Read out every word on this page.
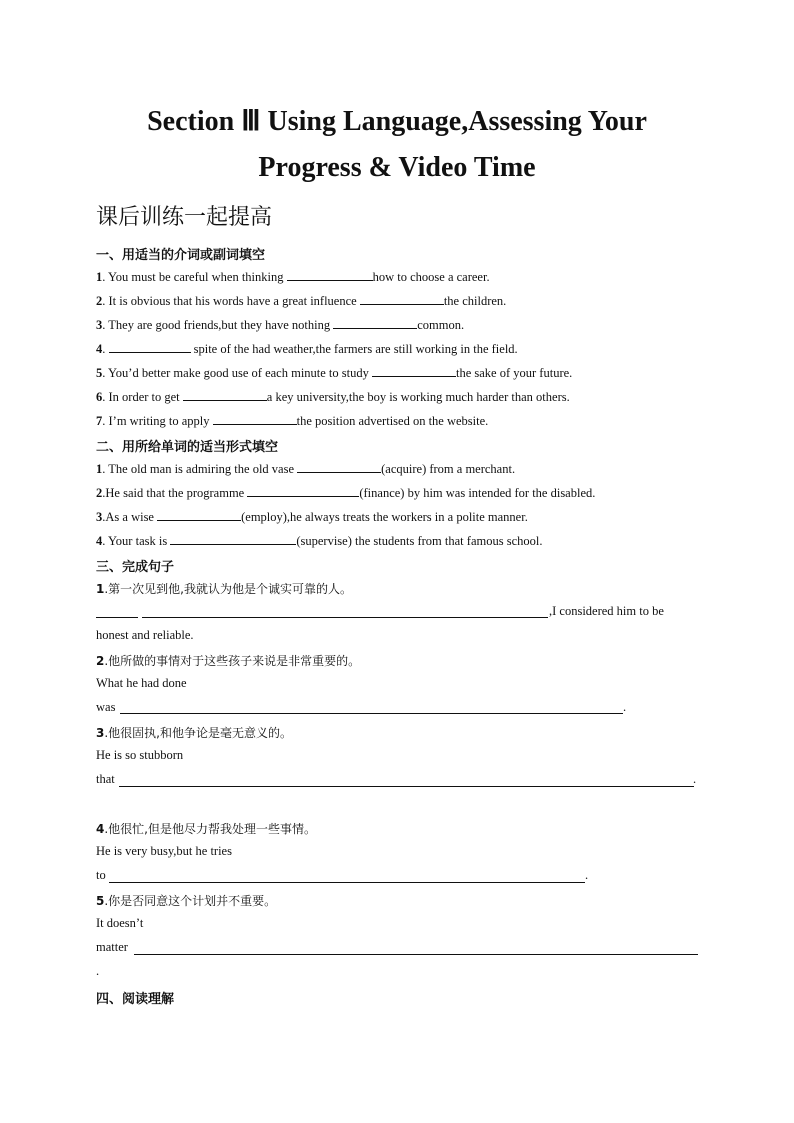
Section Ⅲ Using Language,Assessing Your
Progress & Video Time
课后训练一起提高
一、用适当的介词或副词填空
1. You must be careful when thinking	how to choose a career.
2. It is obvious that his words have a great influence	the children.
3. They are good friends,but they have nothing	common.
4.	spite of the had weather,the farmers are still working in the field.
5. You’d better make good use of each minute to study	the sake of your future.
6. In order to get	a key university,the boy is working much harder than others.
7. I’m writing to apply	the position advertised on the website.
二、用所给单词的适当形式填空
1. The old man is admiring the old vase	(acquire) from a merchant.
2.He said that the programme	(finance) by him was intended for the disabled.
3.As a wise	(employ),he always treats the workers in a polite manner.
4. Your task is	(supervise) the students from that famous school.
三、完成句子
1.第一次见到他,我就认为他是个诚实可靠的人。
,I considered him to be
honest and reliable.
2.他所做的事情对于这些孩子来说是非常重要的。
What he had done
was	.
3.他很固执,和他争论是毫无意义的。
He is so stubborn
that	.
4.他很忙,但是他尽力帮我处理一些事情。
He is very busy,but he tries
to	.
5.你是否同意这个计划并不重要。
It doesn’t
matter
.
四、阅读理解
